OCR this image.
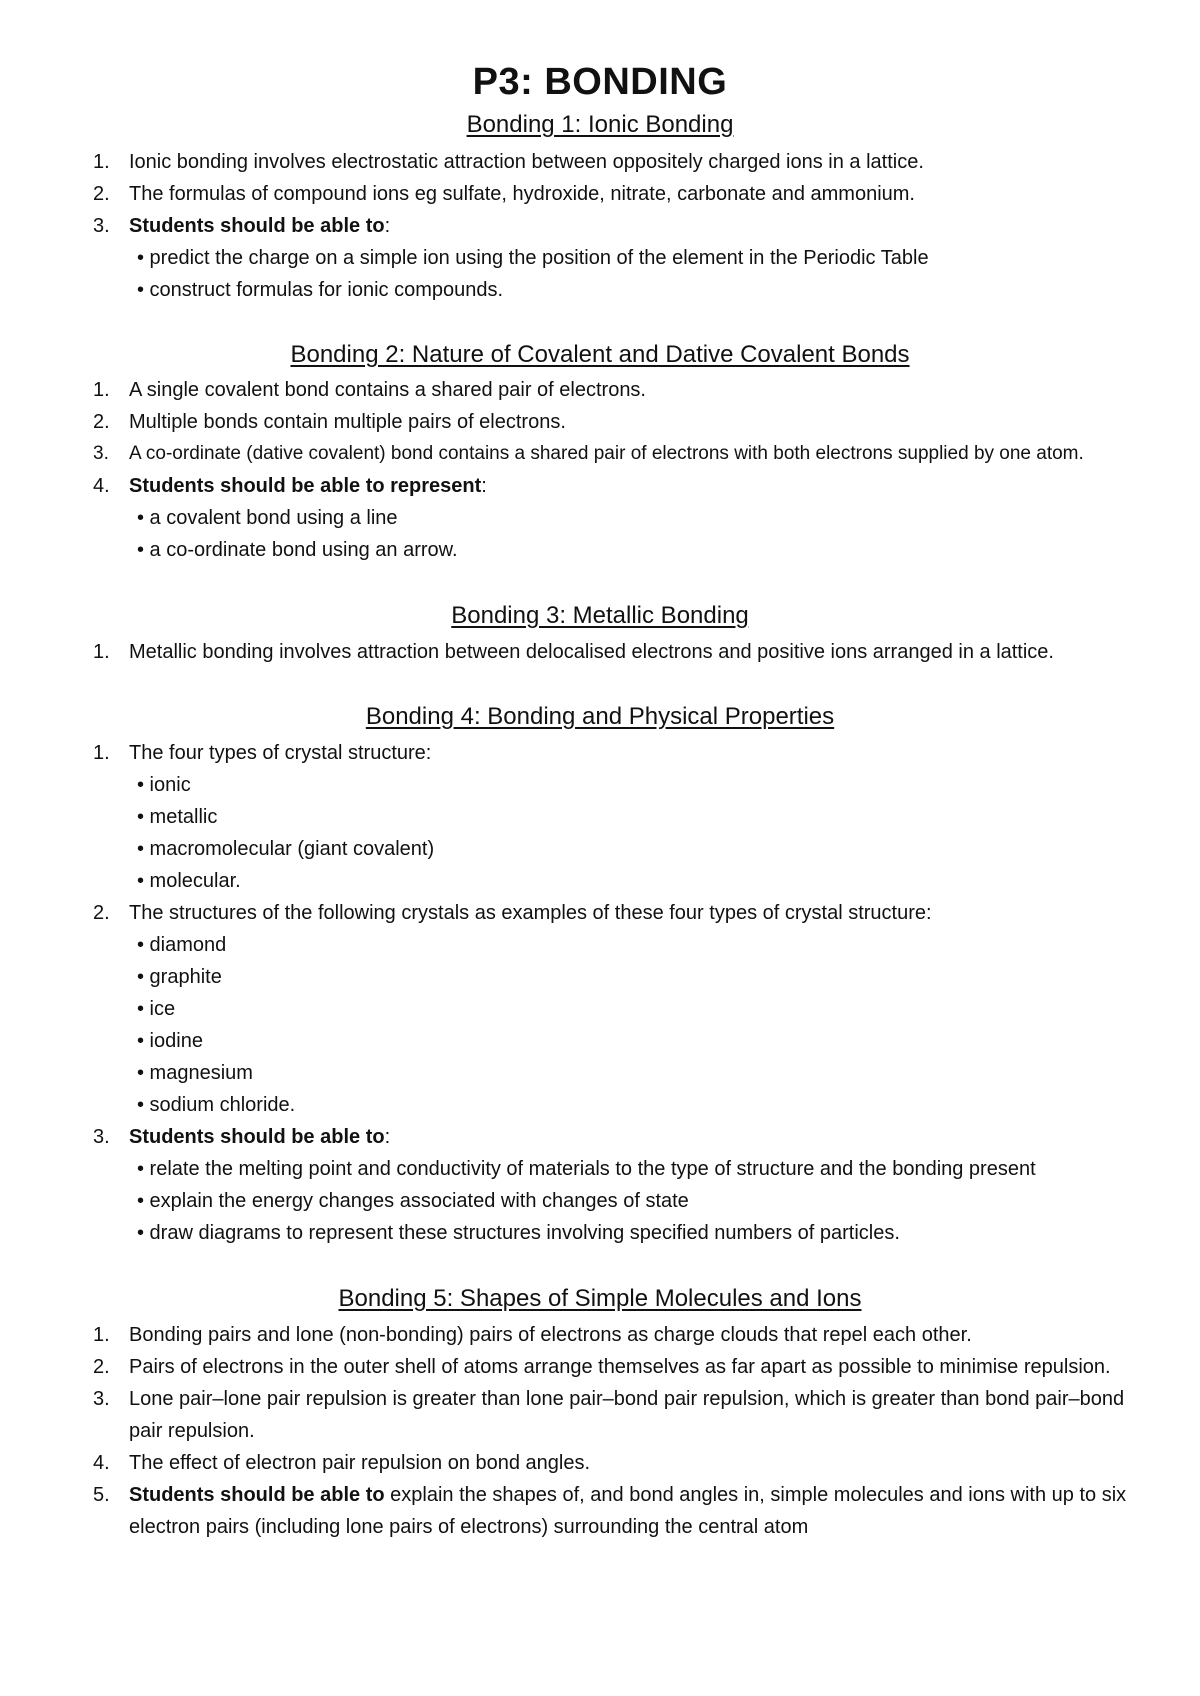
P3: BONDING
Bonding 1: Ionic Bonding
1. Ionic bonding involves electrostatic attraction between oppositely charged ions in a lattice.
2. The formulas of compound ions eg sulfate, hydroxide, nitrate, carbonate and ammonium.
3. Students should be able to:
• predict the charge on a simple ion using the position of the element in the Periodic Table
• construct formulas for ionic compounds.
Bonding 2: Nature of Covalent and Dative Covalent Bonds
1. A single covalent bond contains a shared pair of electrons.
2. Multiple bonds contain multiple pairs of electrons.
3.	A co-ordinate (dative covalent) bond contains a shared pair of electrons with both electrons supplied by one atom.
4. Students should be able to represent:
• a covalent bond using a line
• a co-ordinate bond using an arrow.
Bonding 3: Metallic Bonding
1. Metallic bonding involves attraction between delocalised electrons and positive ions arranged in a lattice.
Bonding 4: Bonding and Physical Properties
1. The four types of crystal structure:
• ionic
• metallic
• macromolecular (giant covalent)
• molecular.
2. The structures of the following crystals as examples of these four types of crystal structure:
• diamond
• graphite
• ice
• iodine
• magnesium
• sodium chloride.
3. Students should be able to:
• relate the melting point and conductivity of materials to the type of structure and the bonding present
• explain the energy changes associated with changes of state
• draw diagrams to represent these structures involving specified numbers of particles.
Bonding 5: Shapes of Simple Molecules and Ions
1. Bonding pairs and lone (non-bonding) pairs of electrons as charge clouds that repel each other.
2. Pairs of electrons in the outer shell of atoms arrange themselves as far apart as possible to minimise repulsion.
3. Lone pair–lone pair repulsion is greater than lone pair–bond pair repulsion, which is greater than bond pair–bond
pair repulsion.
4. The effect of electron pair repulsion on bond angles.
5. Students should be able to explain the shapes of, and bond angles in, simple molecules and ions with up to six
electron pairs (including lone pairs of electrons) surrounding the central atom
